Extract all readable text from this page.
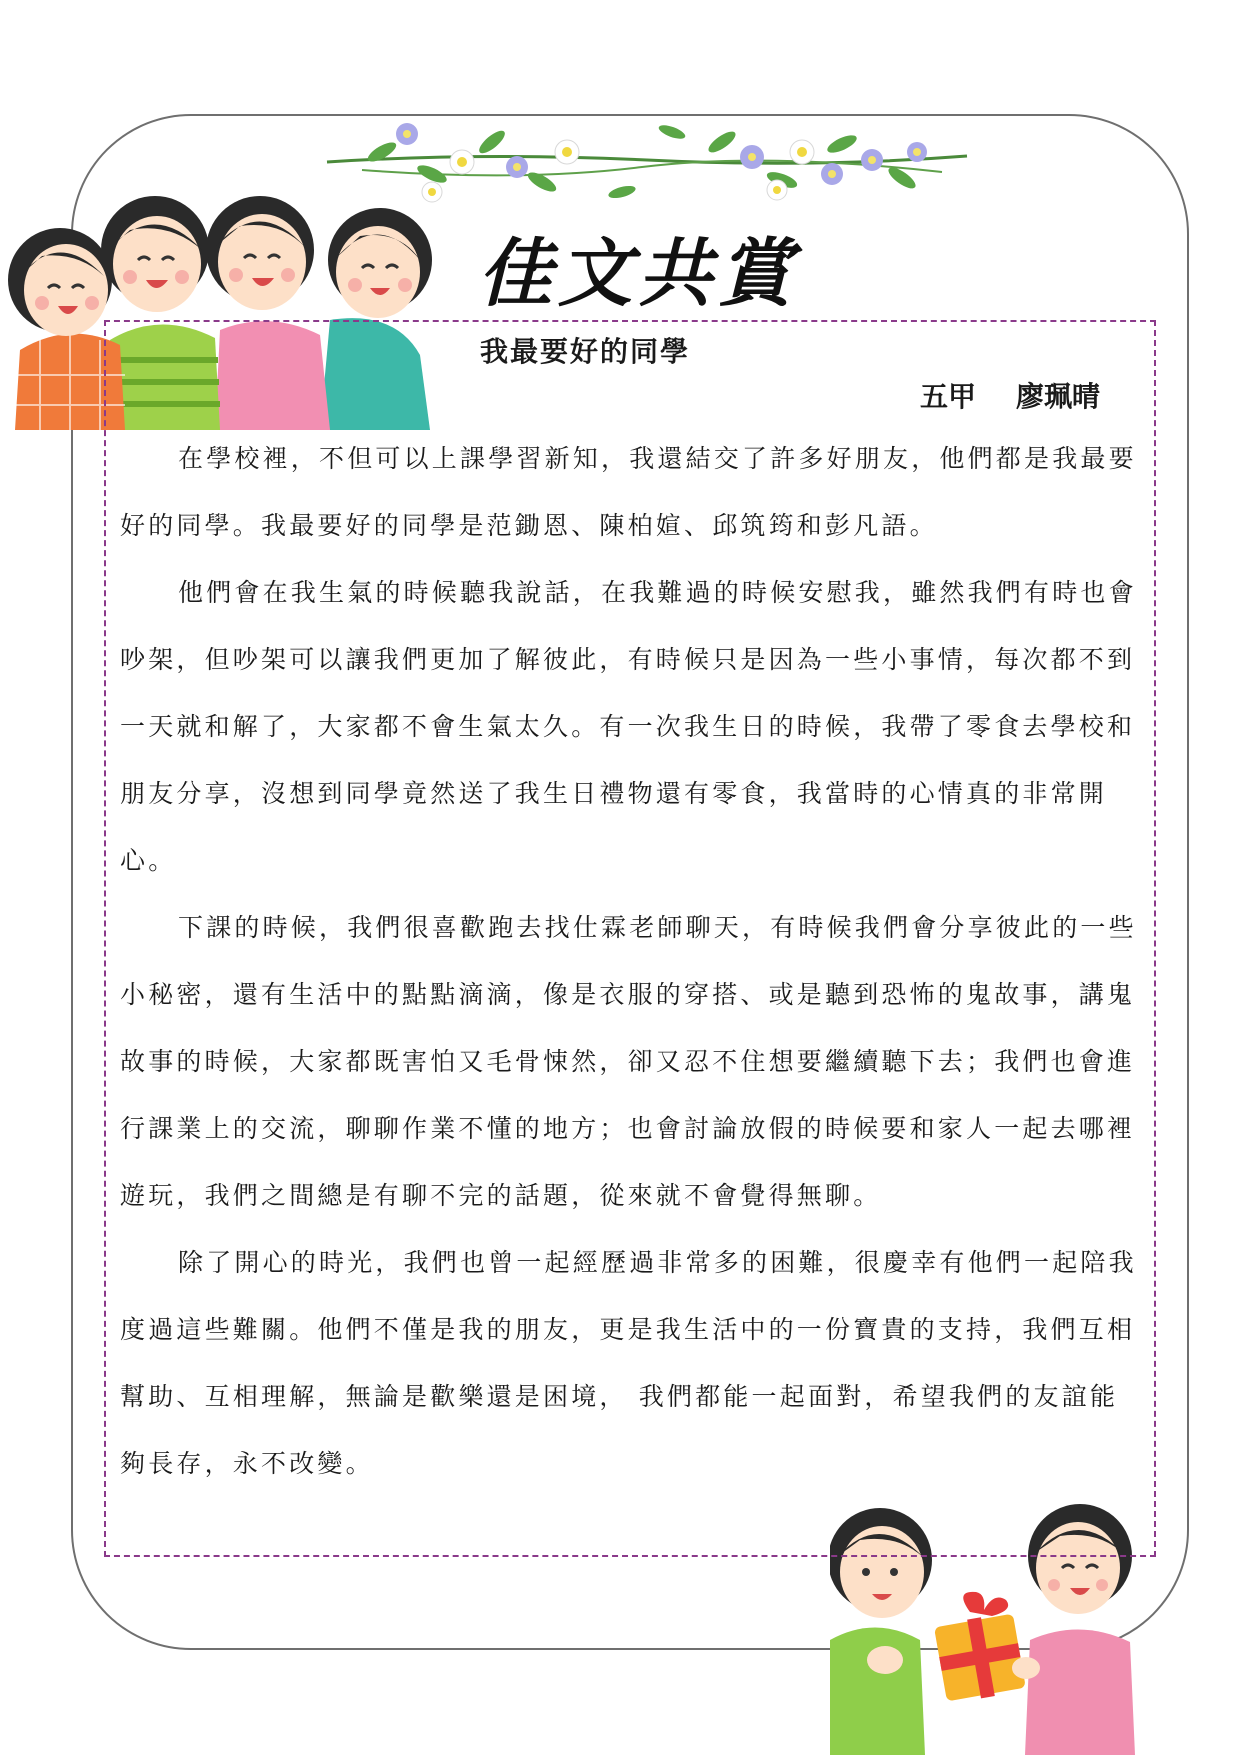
佳文共賞
我最要好的同學
五甲 廖珮晴

在學校裡，不但可以上課學習新知，我還結交了許多好朋友，他們都是我最要好的同學。我最要好的同學是范鋤恩、陳柏媗、邱筑筠和彭凡語。

他們會在我生氣的時候聽我說話，在我難過的時候安慰我，雖然我們有時也會吵架，但吵架可以讓我們更加了解彼此，有時候只是因為一些小事情，每次都不到一天就和解了，大家都不會生氣太久。有一次我生日的時候，我帶了零食去學校和朋友分享，沒想到同學竟然送了我生日禮物還有零食，我當時的心情真的非常開心。

下課的時候，我們很喜歡跑去找仕霖老師聊天，有時候我們會分享彼此的一些小秘密，還有生活中的點點滴滴，像是衣服的穿搭、或是聽到恐怖的鬼故事，講鬼故事的時候，大家都既害怕又毛骨悚然，卻又忍不住想要繼續聽下去；我們也會進行課業上的交流，聊聊作業不懂的地方；也會討論放假的時候要和家人一起去哪裡遊玩，我們之間總是有聊不完的話題，從來就不會覺得無聊。

除了開心的時光，我們也曾一起經歷過非常多的困難，很慶幸有他們一起陪我度過這些難關。他們不僅是我的朋友，更是我生活中的一份寶貴的支持，我們互相幫助、互相理解，無論是歡樂還是困境， 我們都能一起面對，希望我們的友誼能夠長存，永不改變。
